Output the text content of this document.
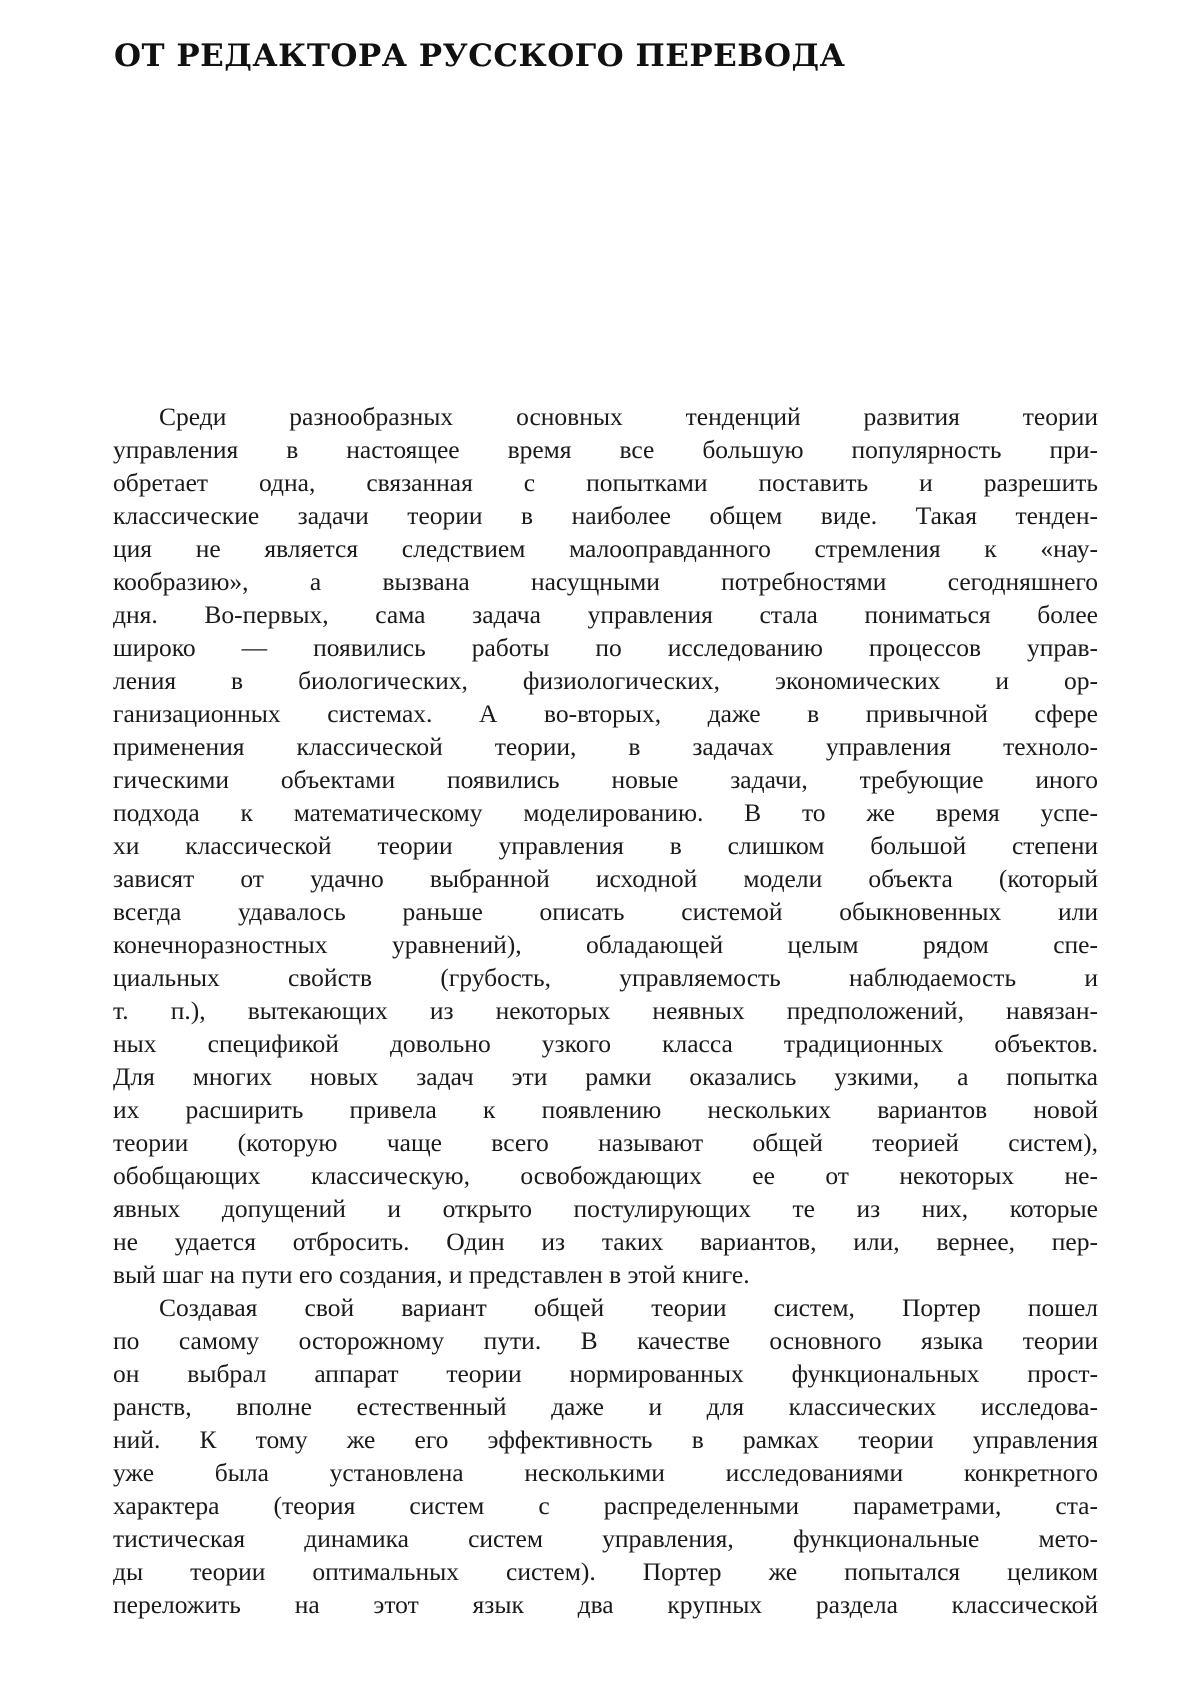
ОТ РЕДАКТОРА РУССКОГО ПЕРЕВОДА

Среди разнообразных основных тенденций развития теории
управления в настоящее время все большую популярность при-
обретает одна, связанная с попытками поставить и разрешить
классические задачи теории в наиболее общем виде. Такая тенден-
ция не является следствием малооправданного стремления к «нау-
кообразию», а вызвана насущными потребностями сегодняшнего
дня. Во-первых, сама задача управления стала пониматься более
широко — появились работы по исследованию процессов управ-
ления в биологических, физиологических, экономических и ор-
ганизационных системах. А во-вторых, даже в привычной сфере
применения классической теории, в задачах управления техноло-
гическими объектами появились новые задачи, требующие иного
подхода к математическому моделированию. В то же время успе-
хи классической теории управления в слишком большой степени
зависят от удачно выбранной исходной модели объекта (который
всегда удавалось раньше описать системой обыкновенных или
конечноразностных уравнений), обладающей целым рядом спе-
циальных свойств (грубость, управляемость наблюдаемость и
т. п.), вытекающих из некоторых неявных предположений, навязан-
ных спецификой довольно узкого класса традиционных объектов.
Для многих новых задач эти рамки оказались узкими, а попытка
их расширить привела к появлению нескольких вариантов новой
теории (которую чаще всего называют общей теорией систем),
обобщающих классическую, освобождающих ее от некоторых не-
явных допущений и открыто постулирующих те из них, которые
не удается отбросить. Один из таких вариантов, или, вернее, пер-
вый шаг на пути его создания, и представлен в этой книге.

Создавая свой вариант общей теории систем, Портер пошел
по самому осторожному пути. В качестве основного языка теории
он выбрал аппарат теории нормированных функциональных прост-
ранств, вполне естественный даже и для классических исследова-
ний. К тому же его эффективность в рамках теории управления
уже была установлена несколькими исследованиями конкретного
характера (теория систем с распределенными параметрами, ста-
тистическая динамика систем управления, функциональные мето-
ды теории оптимальных систем). Портер же попытался целиком
переложить на этот язык два крупных раздела классической
